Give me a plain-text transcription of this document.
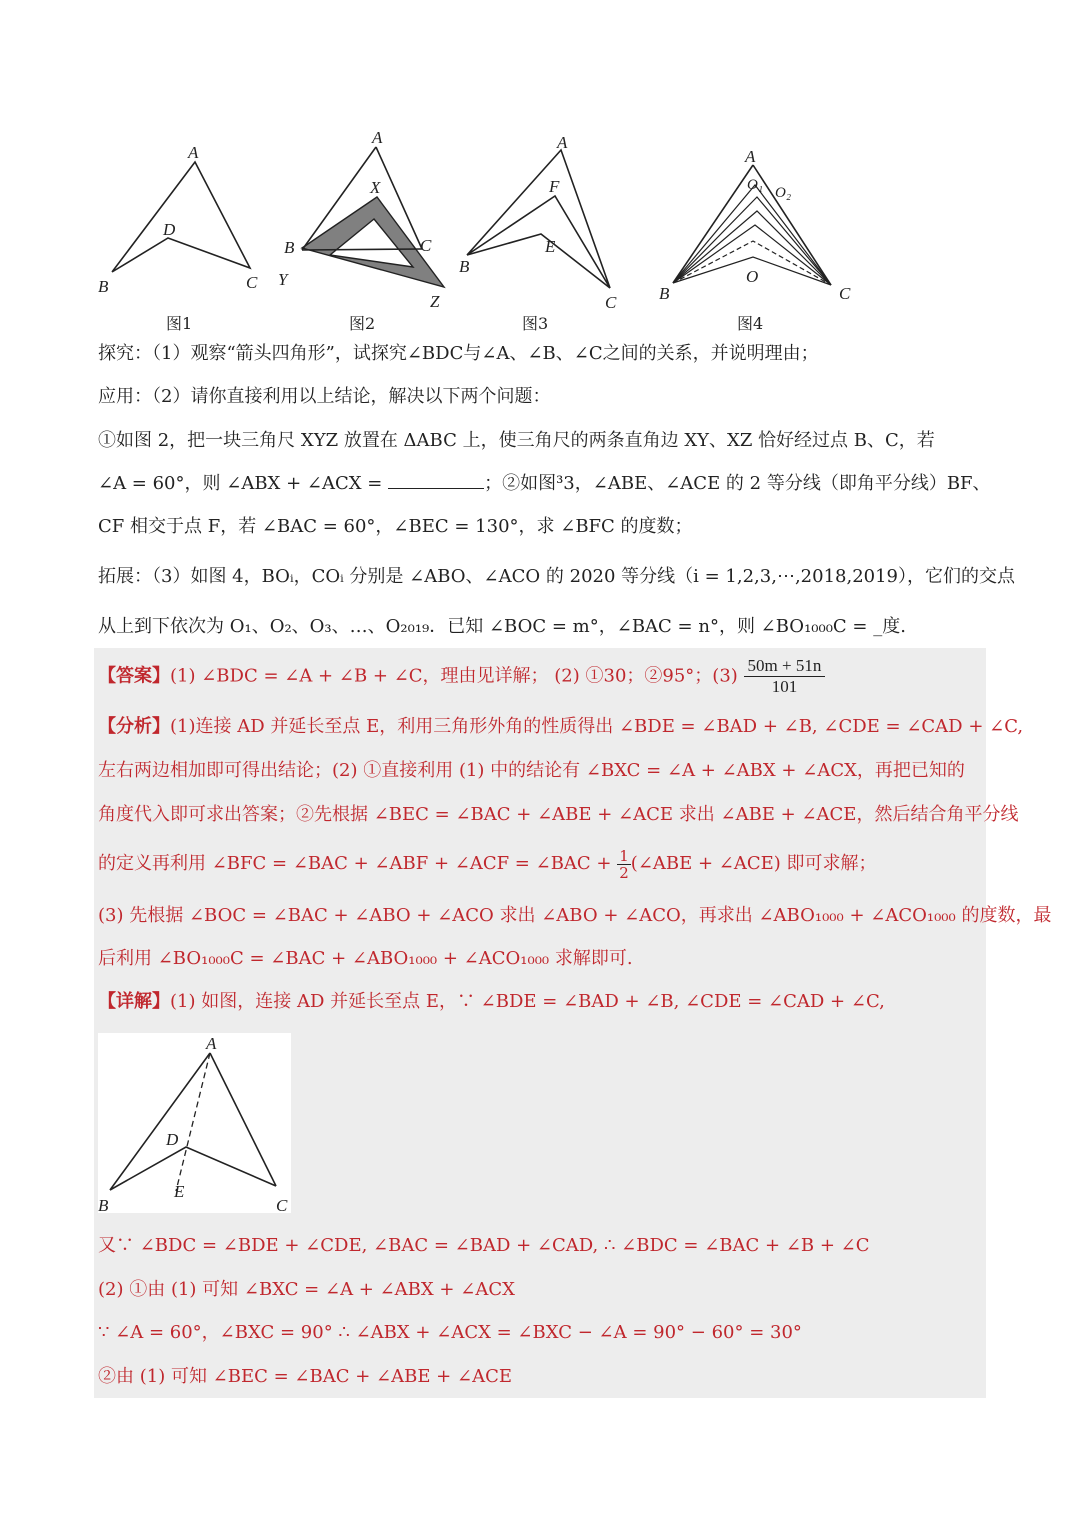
A
B	C
D
图1
A
B	C
X
Y
Z
图2
A
B
C
E
F
图3
A
O₁ O₂
O
B	C
图4
探究：（1）观察“箭头四角形”，试探究∠BDC与∠A、∠B、∠C之间的关系，并说明理由；
应用：（2）请你直接利用以上结论，解决以下两个问题：
①如图 2，把一块三角尺 XYZ 放置在 ΔABC 上，使三角尺的两条直角边 XY、XZ 恰好经过点 B、C，若
∠A = 60°，则 ∠ABX + ∠ACX =	；②如图³3，∠ABE、∠ACE 的 2 等分线（即角平分线）BF、
CF 相交于点 F，若 ∠BAC = 60°，∠BEC = 130°，求 ∠BFC 的度数；
拓展：（3）如图 4，BOᵢ，COᵢ 分别是 ∠ABO、∠ACO 的 2020 等分线（i = 1,2,3,⋯,2018,2019），它们的交点
从上到下依次为 O₁、O₂、O₃、…、O₂₀₁₉．已知 ∠BOC = m°，∠BAC = n°，则 ∠BO₁₀₀₀C = _度.
【答案】(1) ∠BDC = ∠A + ∠B + ∠C，理由见详解； (2) ①30；②95°；$(3) \frac{50m + 51n}{101}$
【分析】(1)连接 AD 并延长至点 E，利用三角形外角的性质得出 ∠BDE = ∠BAD + ∠B, ∠CDE = ∠CAD + ∠C,
左右两边相加即可得出结论；(2) ①直接利用 (1) 中的结论有 ∠BXC = ∠A + ∠ABX + ∠ACX，再把已知的
角度代入即可求出答案；②先根据 ∠BEC = ∠BAC + ∠ABE + ∠ACE 求出 ∠ABE + ∠ACE，然后结合角平分线
的定义再利用 ∠BFC = ∠BAC + ∠ABF + ∠ACF = ∠BAC + $\frac{1}{2}$ (∠ABE + ∠ACE) 即可求解；
(3) 先根据 ∠BOC = ∠BAC + ∠ABO + ∠ACO 求出 ∠ABO + ∠ACO，再求出 ∠ABO₁₀₀₀ + ∠ACO₁₀₀₀ 的度数，最
后利用 ∠BO₁₀₀₀C = ∠BAC + ∠ABO₁₀₀₀ + ∠ACO₁₀₀₀ 求解即可.
【详解】(1) 如图，连接 AD 并延长至点 E，∵ ∠BDE = ∠BAD + ∠B, ∠CDE = ∠CAD + ∠C,
A
B	C
D
E
又∵ ∠BDC = ∠BDE + ∠CDE, ∠BAC = ∠BAD + ∠CAD, ∴ ∠BDC = ∠BAC + ∠B + ∠C
(2) ①由 (1) 可知 ∠BXC = ∠A + ∠ABX + ∠ACX
∵ ∠A = 60°，∠BXC = 90° ∴ ∠ABX + ∠ACX = ∠BXC − ∠A = 90° − 60° = 30°
②由 (1) 可知 ∠BEC = ∠BAC + ∠ABE + ∠ACE
